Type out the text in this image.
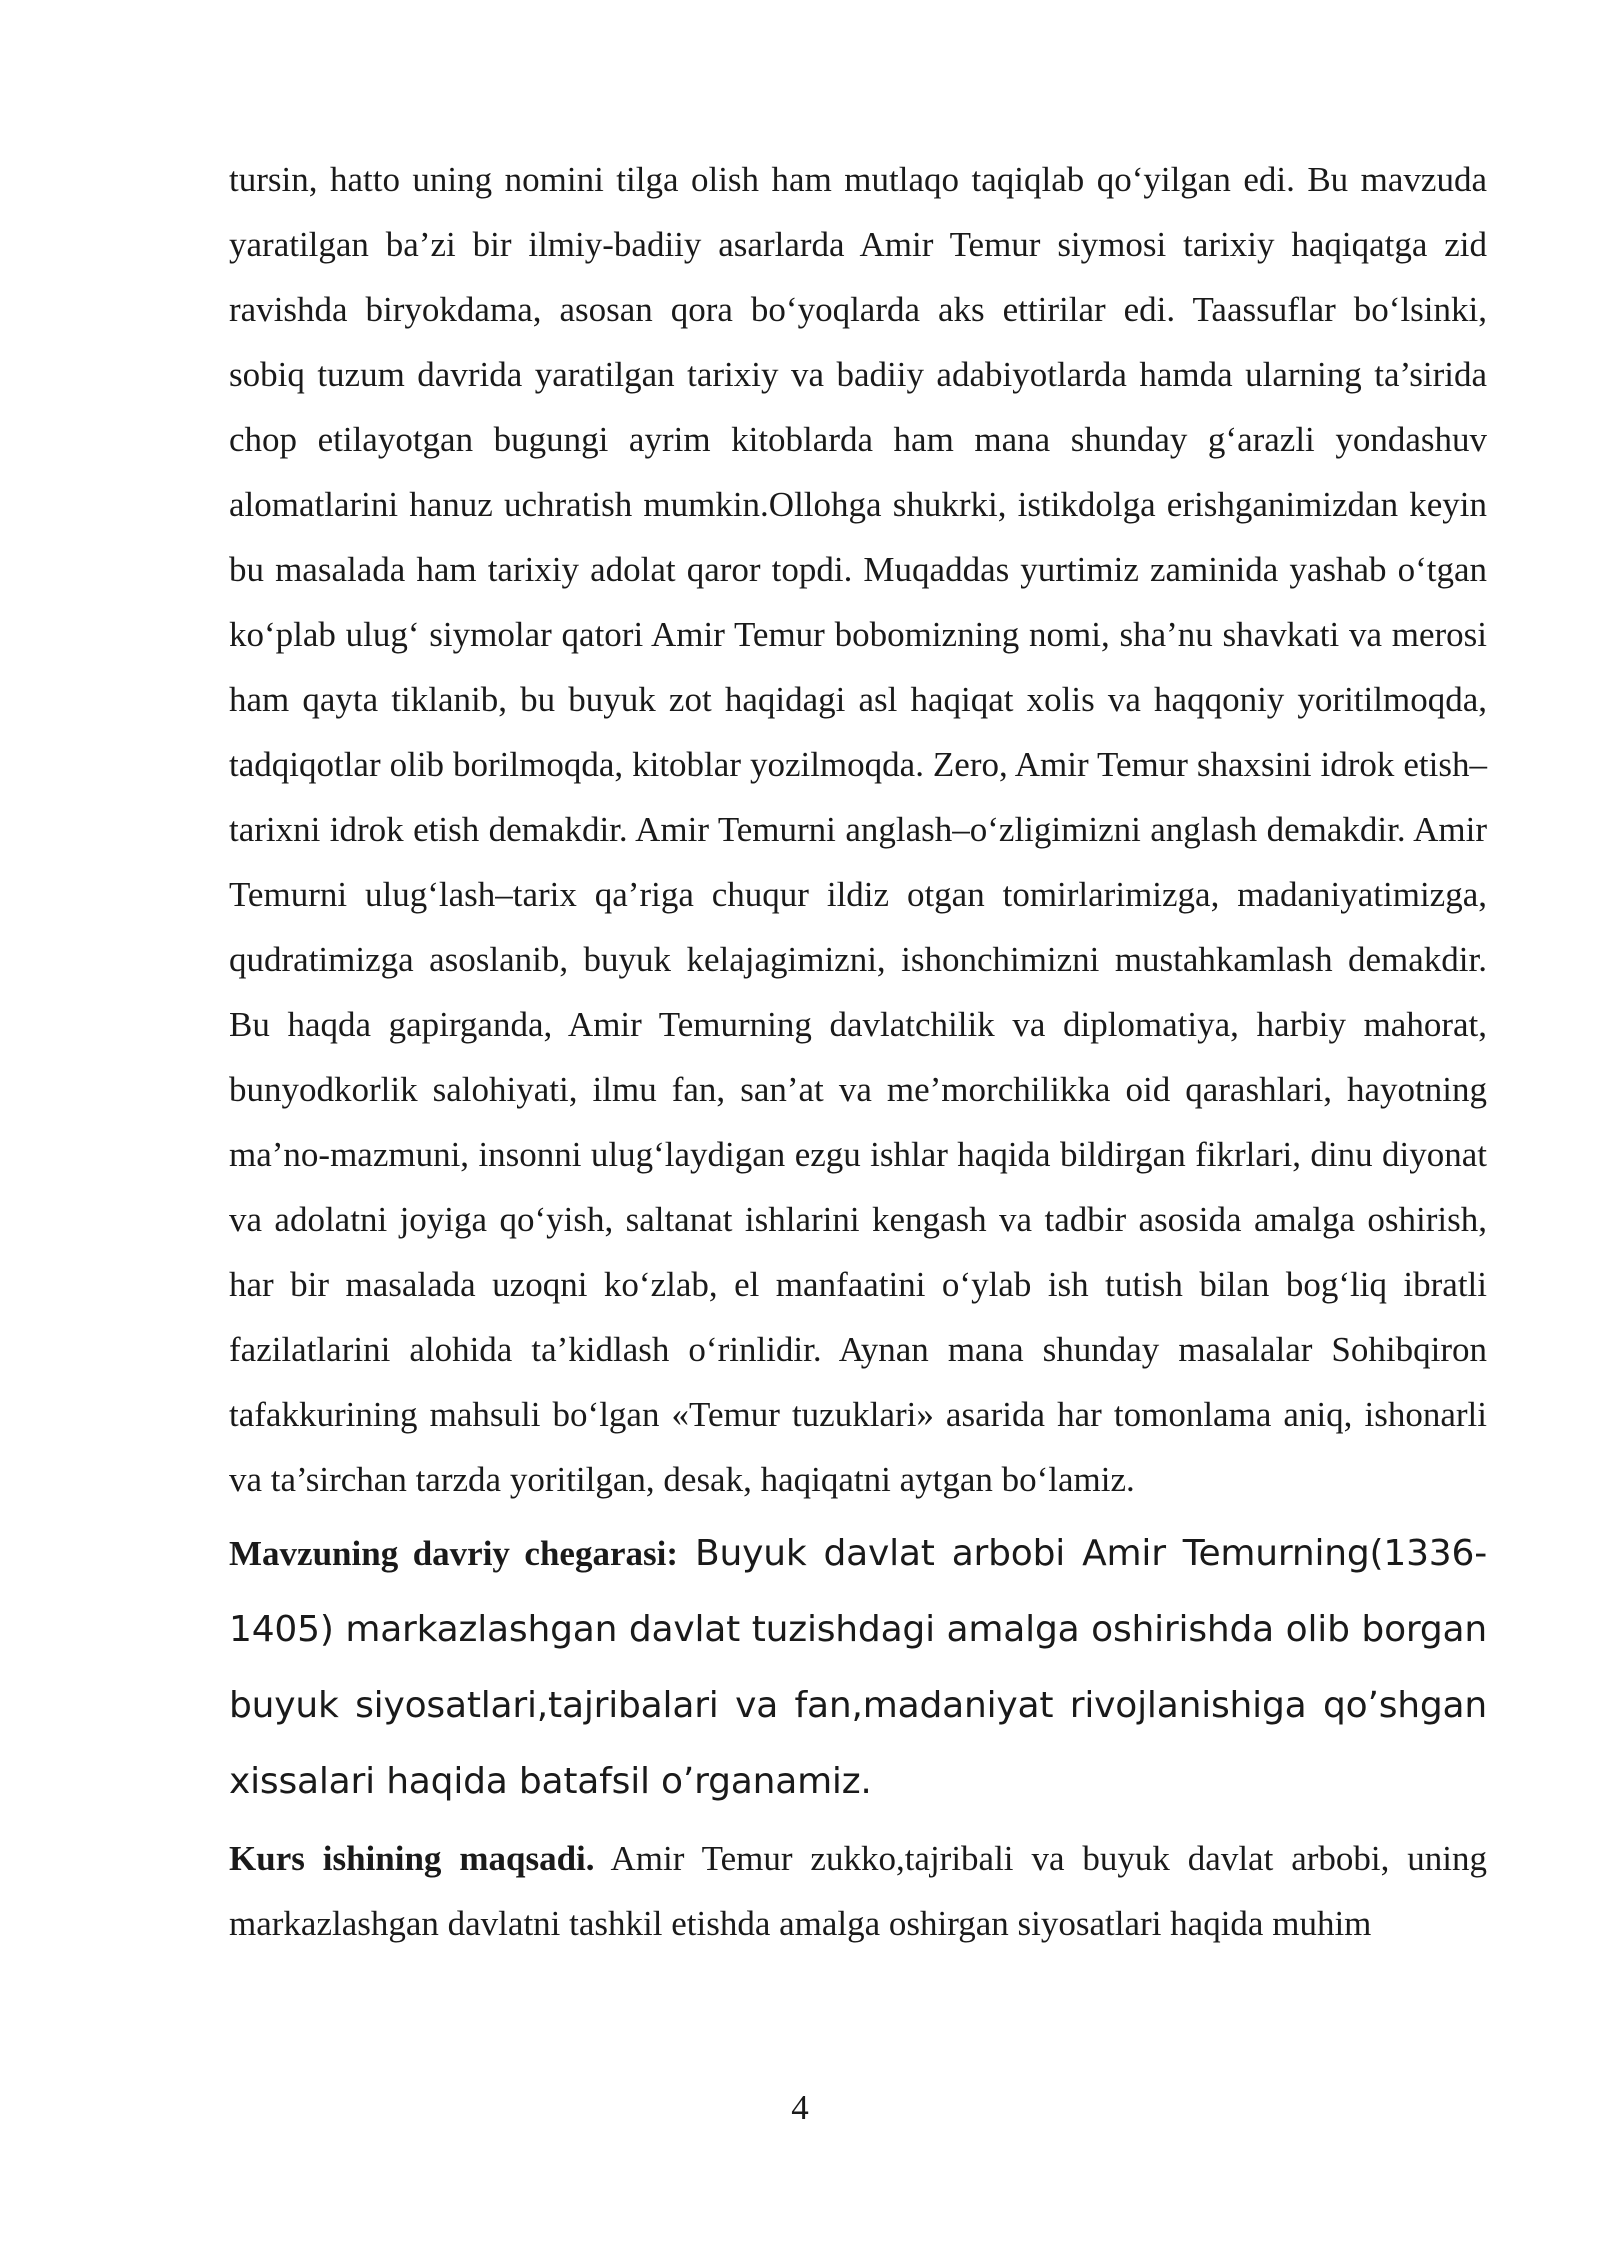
tursin, hatto uning nomini tilga olish ham mutlaqo taqiqlab qo‘yilgan edi. Bu mavzuda yaratilgan ba’zi bir ilmiy-badiiy asarlarda Amir Temur siymosi tarixiy haqiqatga zid ravishda biryokdama, asosan qora bo‘yoqlarda aks ettirilar edi. Taassuflar bo‘lsinki, sobiq tuzum davrida yaratilgan tarixiy va badiiy adabiyotlarda hamda ularning ta’sirida chop etilayotgan bugungi ayrim kitoblarda ham mana shunday g‘arazli yondashuv alomatlarini hanuz uchratish mumkin.Ollohga shukrki, istikdolga erishganimizdan keyin bu masalada ham tarixiy adolat qaror topdi. Muqaddas yurtimiz zaminida yashab o‘tgan ko‘plab ulug‘ siymolar qatori Amir Temur bobomizning nomi, sha’nu shavkati va merosi ham qayta tiklanib, bu buyuk zot haqidagi asl haqiqat xolis va haqqoniy yoritilmoqda, tadqiqotlar olib borilmoqda, kitoblar yozilmoqda. Zero, Amir Temur shaxsini idrok etish–tarixni idrok etish demakdir. Amir Temurni anglash–o‘zligimizni anglash demakdir. Amir Temurni ulug‘lash–tarix qa’riga chuqur ildiz otgan tomirlarimizga, madaniyatimizga, qudratimizga asoslanib, buyuk kelajagimizni, ishonchimizni mustahkamlash demakdir. Bu haqda gapirganda, Amir Temurning davlatchilik va diplomatiya, harbiy mahorat, bunyodkorlik salohiyati, ilmu fan, san’at va me’morchilikka oid qarashlari, hayotning ma’no-mazmuni, insonni ulug‘laydigan ezgu ishlar haqida bildirgan fikrlari, dinu diyonat va adolatni joyiga qo‘yish, saltanat ishlarini kengash va tadbir asosida amalga oshirish, har bir masalada uzoqni ko‘zlab, el manfaatini o‘ylab ish tutish bilan bog‘liq ibratli fazilatlarini alohida ta’kidlash o‘rinlidir. Aynan mana shunday masalalar Sohibqiron tafakkurining mahsuli bo‘lgan «Temur tuzuklari» asarida har tomonlama aniq, ishonarli va ta’sirchan tarzda yoritilgan, desak, haqiqatni aytgan bo‘lamiz.

Mavzuning davriy chegarasi: Buyuk davlat arbobi Amir Temurning(1336-1405) markazlashgan davlat tuzishdagi amalga oshirishda olib borgan buyuk siyosatlari,tajribalari va fan,madaniyat rivojlanishiga qo’shgan xissalari haqida batafsil o’rganamiz.

Kurs ishining maqsadi. Amir Temur zukko,tajribali va buyuk davlat arbobi, uning markazlashgan davlatni tashkil etishda amalga oshirgan siyosatlari haqida muhim

4
